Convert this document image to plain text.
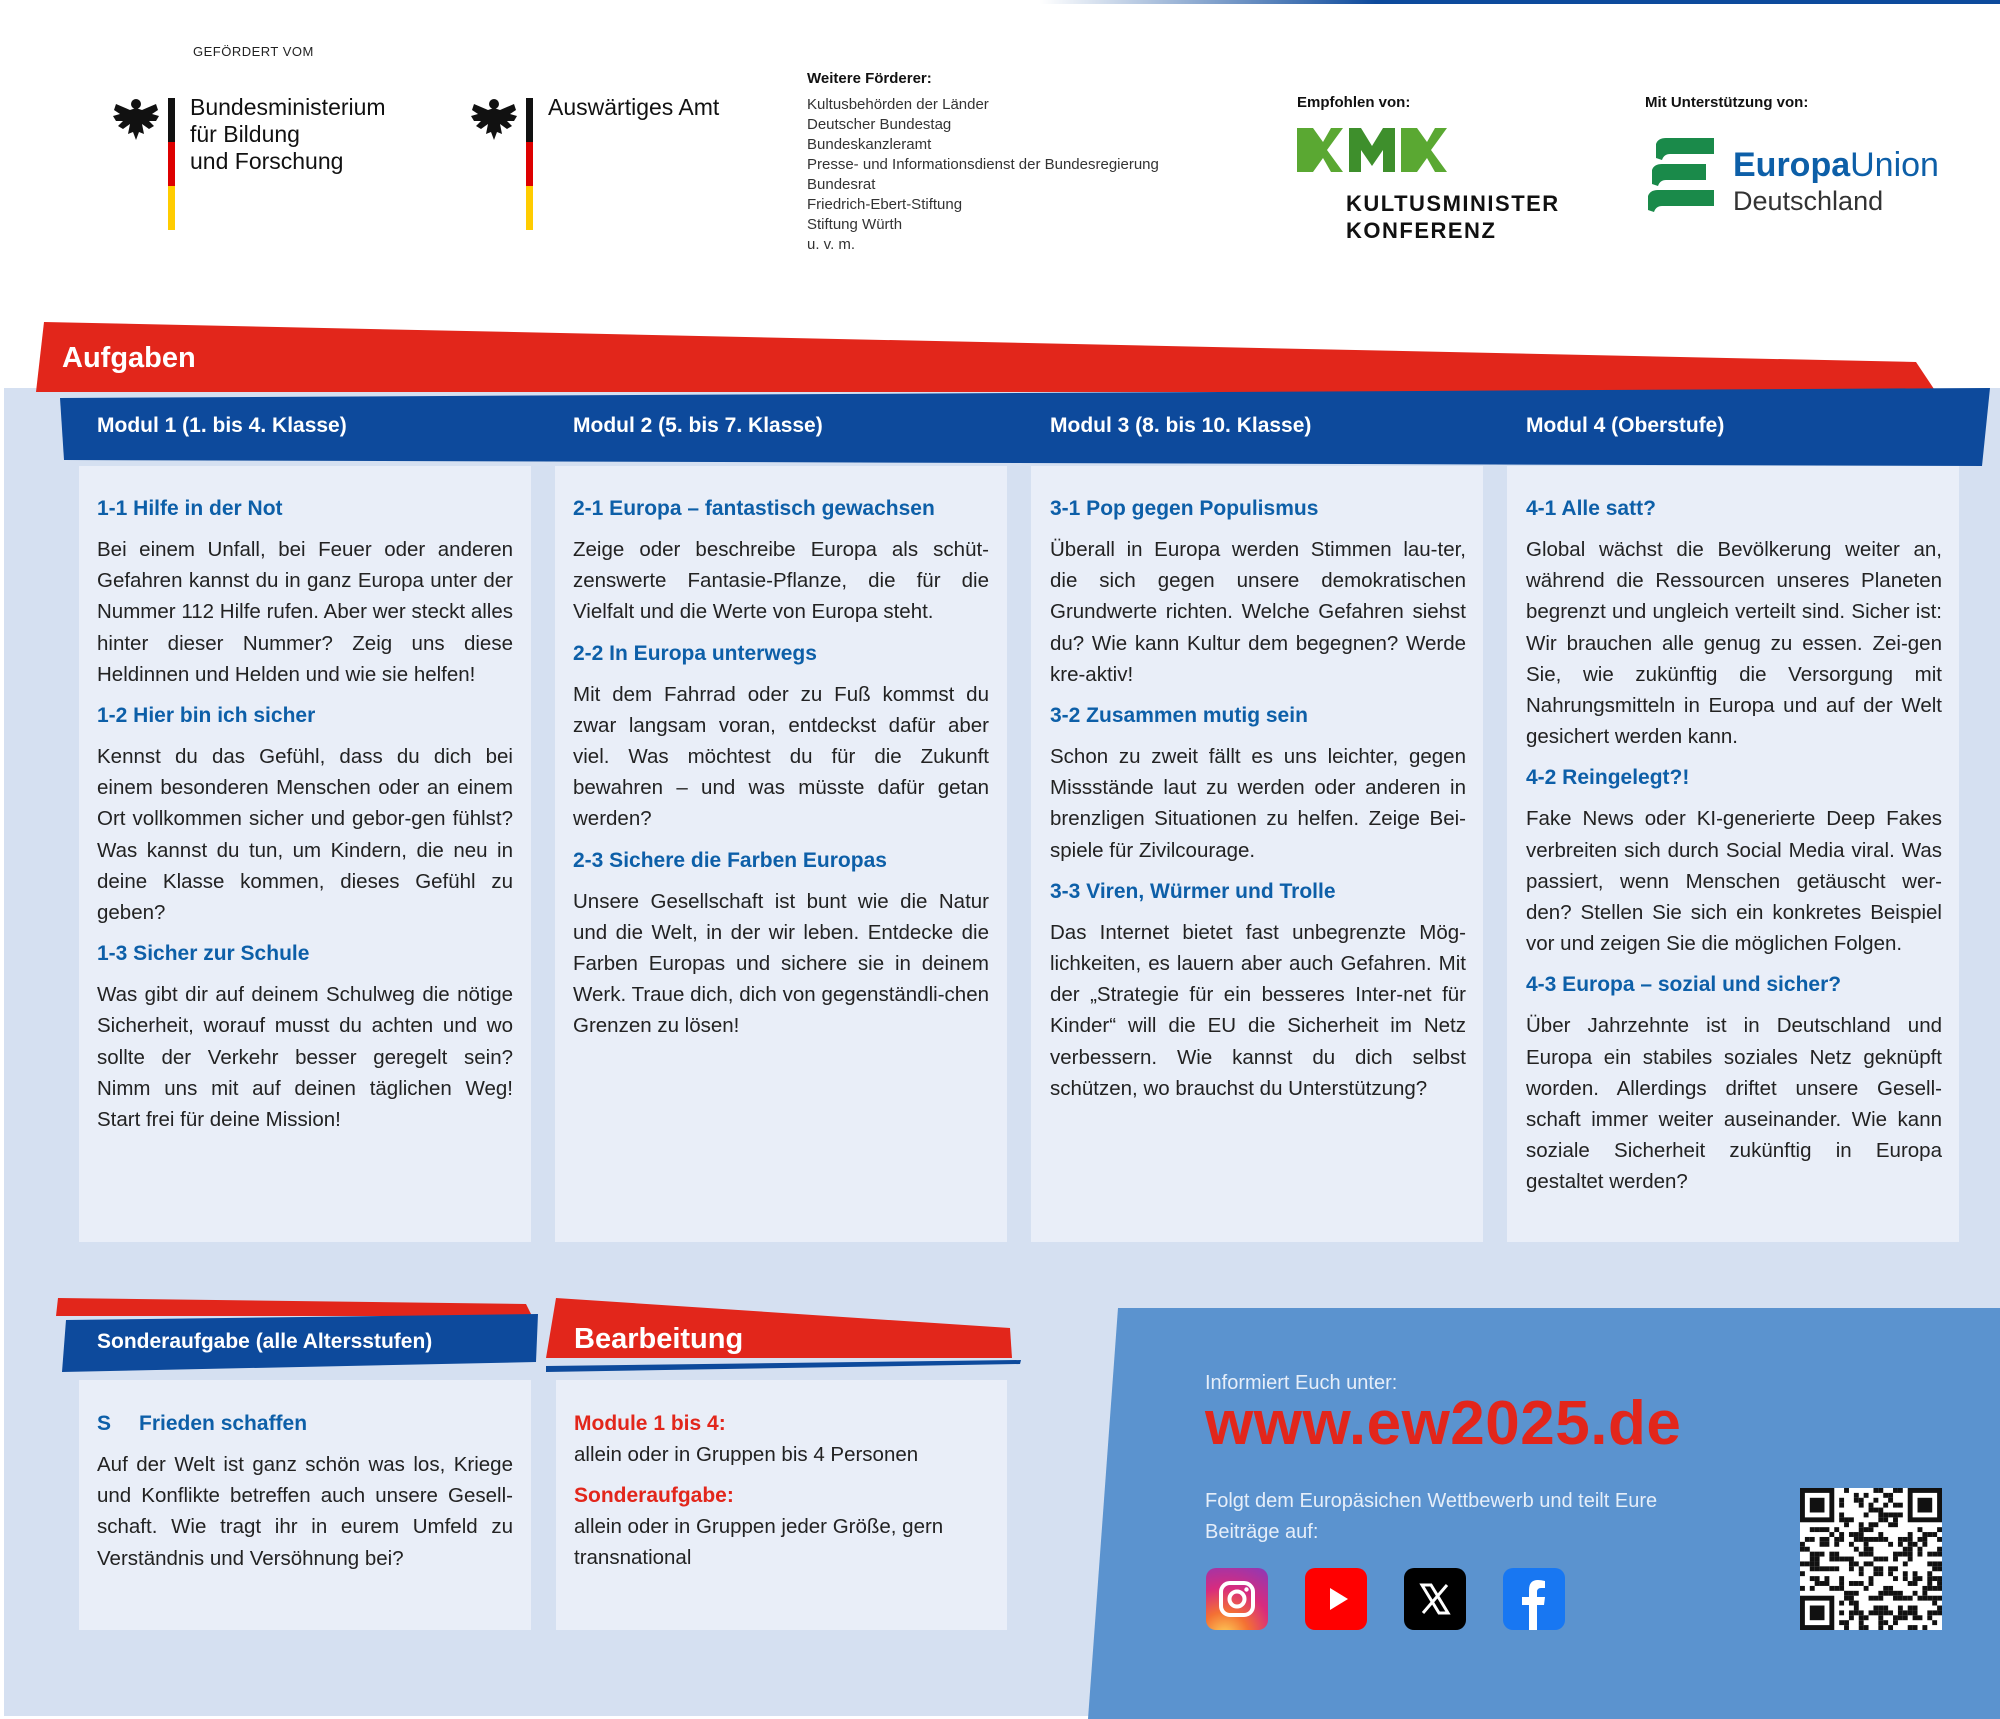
GEFÖRDERT VOM
Bundesministerium
für Bildung
und Forschung
Auswärtiges Amt
Weitere Förderer:
Kultusbehörden der Länder
Deutscher Bundestag
Bundeskanzleramt
Presse- und Informationsdienst der Bundesregierung
Bundesrat
Friedrich-Ebert-Stiftung
Stiftung Würth
u. v. m.
Empfohlen von:
KULTUSMINISTER
KONFERENZ
Mit Unterstützung von:
EuropaUnion
Deutschland
Aufgaben
Modul 1 (1. bis 4. Klasse)	Modul 2 (5. bis 7. Klasse)	Modul 3 (8. bis 10. Klasse)	Modul 4 (Oberstufe)
1-1 Hilfe in der Not
Bei einem Unfall, bei Feuer oder anderen Gefahren kannst du in ganz Europa unter der Nummer 112 Hilfe rufen. Aber wer steckt alles hinter dieser Nummer? Zeig uns diese Heldinnen und Helden und wie sie helfen!
1-2 Hier bin ich sicher
Kennst du das Gefühl, dass du dich bei einem besonderen Menschen oder an einem Ort vollkommen sicher und gebor-gen fühlst? Was kannst du tun, um Kindern, die neu in deine Klasse kommen, dieses Gefühl zu geben?
1-3 Sicher zur Schule
Was gibt dir auf deinem Schulweg die nötige Sicherheit, worauf musst du achten und wo sollte der Verkehr besser geregelt sein? Nimm uns mit auf deinen täglichen Weg! Start frei für deine Mission!
2-1 Europa – fantastisch gewachsen
Zeige oder beschreibe Europa als schüt-zenswerte Fantasie-Pflanze, die für die Vielfalt und die Werte von Europa steht.
2-2 In Europa unterwegs
Mit dem Fahrrad oder zu Fuß kommst du zwar langsam voran, entdeckst dafür aber viel. Was möchtest du für die Zukunft bewahren – und was müsste dafür getan werden?
2-3 Sichere die Farben Europas
Unsere Gesellschaft ist bunt wie die Natur und die Welt, in der wir leben. Entdecke die Farben Europas und sichere sie in deinem Werk. Traue dich, dich von gegenständli-chen Grenzen zu lösen!
3-1 Pop gegen Populismus
Überall in Europa werden Stimmen lau-ter, die sich gegen unsere demokratischen Grundwerte richten. Welche Gefahren siehst du? Wie kann Kultur dem begegnen? Werde kre-aktiv!
3-2 Zusammen mutig sein
Schon zu zweit fällt es uns leichter, gegen Missstände laut zu werden oder anderen in brenzligen Situationen zu helfen. Zeige Bei-spiele für Zivilcourage.
3-3 Viren, Würmer und Trolle
Das Internet bietet fast unbegrenzte Mög-lichkeiten, es lauern aber auch Gefahren. Mit der „Strategie für ein besseres Inter-net für Kinder“ will die EU die Sicherheit im Netz verbessern. Wie kannst du dich selbst schützen, wo brauchst du Unterstützung?
4-1 Alle satt?
Global wächst die Bevölkerung weiter an, während die Ressourcen unseres Planeten begrenzt und ungleich verteilt sind. Sicher ist: Wir brauchen alle genug zu essen. Zei-gen Sie, wie zukünftig die Versorgung mit Nahrungsmitteln in Europa und auf der Welt gesichert werden kann.
4-2 Reingelegt?!
Fake News oder KI-generierte Deep Fakes verbreiten sich durch Social Media viral. Was passiert, wenn Menschen getäuscht wer-den? Stellen Sie sich ein konkretes Beispiel vor und zeigen Sie die möglichen Folgen.
4-3 Europa – sozial und sicher?
Über Jahrzehnte ist in Deutschland und Europa ein stabiles soziales Netz geknüpft worden. Allerdings driftet unsere Gesell-schaft immer weiter auseinander. Wie kann soziale Sicherheit zukünftig in Europa gestaltet werden?
Sonderaufgabe (alle Altersstufen)
S Frieden schaffen
Auf der Welt ist ganz schön was los, Kriege und Konflikte betreffen auch unsere Gesell-schaft. Wie tragt ihr in eurem Umfeld zu Verständnis und Versöhnung bei?
Bearbeitung
Module 1 bis 4:
allein oder in Gruppen bis 4 Personen
Sonderaufgabe:
allein oder in Gruppen jeder Größe, gern transnational
Informiert Euch unter:
www.ew2025.de
Folgt dem Europäsichen Wettbewerb und teilt Eure Beiträge auf:
